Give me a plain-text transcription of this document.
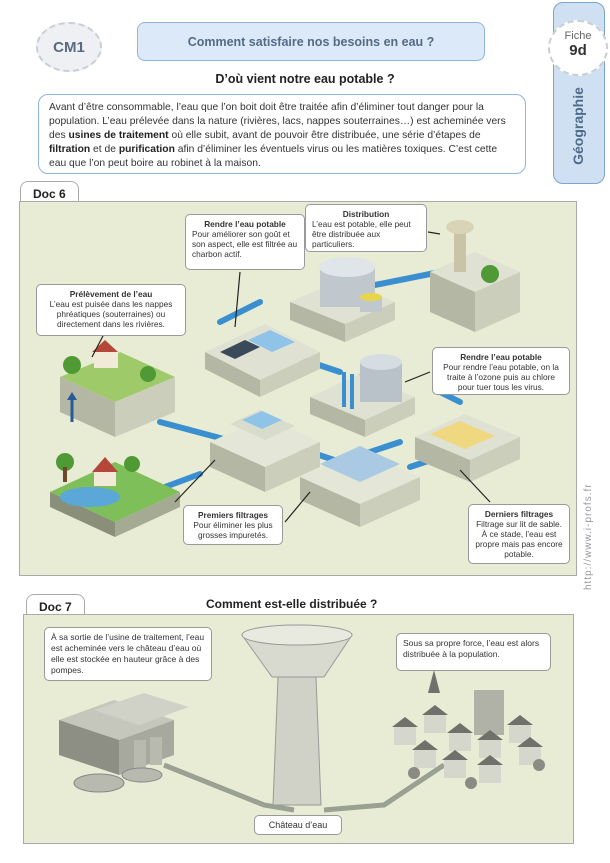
CM1	Comment satisfaire nos besoins en eau ?	Fiche
9d
Géographie
D’où vient notre eau potable ?
Avant d’être consommable, l’eau que l’on boit doit être traitée afin d’éliminer tout danger pour la population. L’eau prélevée dans la nature (rivières, lacs, nappes souterraines…) est acheminée vers des usines de traitement où elle subit, avant de pouvoir être distribuée, une série d’étapes de filtration et de purification afin d’éliminer les éventuels virus ou les matières toxiques. C’est cette eau que l’on peut boire au robinet à la maison.
Doc 6
Prélèvement de l’eau
L’eau est puisée dans les nappes phréatiques (souterraines) ou directement dans les rivières.
Rendre l’eau potable
Pour améliorer son goût et son aspect, elle est filtrée au charbon actif.
Distribution
L’eau est potable, elle peut être distribuée aux particuliers.
Rendre l’eau potable
Pour rendre l’eau potable, on la traite à l’ozone puis au chlore pour tuer tous les virus.
Premiers filtrages
Pour éliminer les plus grosses impuretés.
Derniers filtrages
Filtrage sur lit de sable. À ce stade, l’eau est propre mais pas encore potable.
Doc 7	Comment est-elle distribuée ?
À sa sortie de l’usine de traitement, l’eau est acheminée vers le château d’eau où elle est stockée en hauteur grâce à des pompes.
Sous sa propre force, l’eau est alors distribuée à la population.
Château d’eau
http://www.i-profs.fr
